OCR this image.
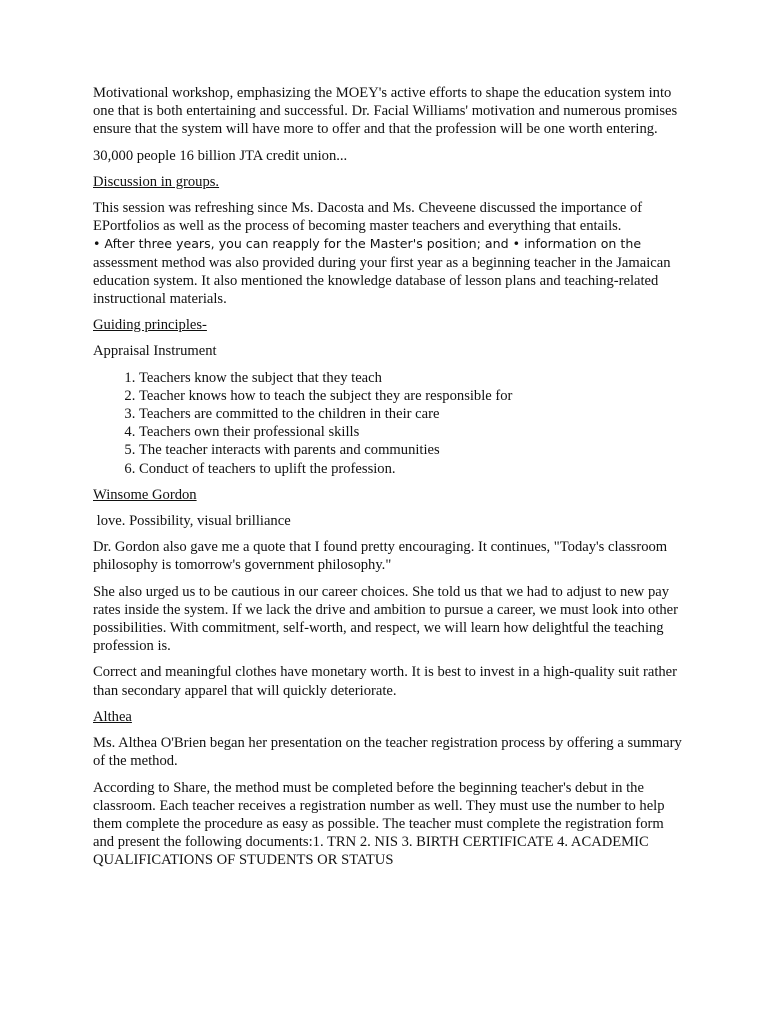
Motivational workshop, emphasizing the MOEY's active efforts to shape the education system into one that is both entertaining and successful. Dr. Facial Williams' motivation and numerous promises ensure that the system will have more to offer and that the profession will be one worth entering.

30,000 people 16 billion JTA credit union...

Discussion in groups.

This session was refreshing since Ms. Dacosta and Ms. Cheveene discussed the importance of EPortfolios as well as the process of becoming master teachers and everything that entails.
• After three years, you can reapply for the Master's position; and • information on the
assessment method was also provided during your first year as a beginning teacher in the Jamaican education system. It also mentioned the knowledge database of lesson plans and teaching-related instructional materials.

Guiding principles-

Appraisal Instrument

1. Teachers know the subject that they teach
2. Teacher knows how to teach the subject they are responsible for
3. Teachers are committed to the children in their care
4. Teachers own their professional skills
5. The teacher interacts with parents and communities
6. Conduct of teachers to uplift the profession.

Winsome Gordon

love. Possibility, visual brilliance

Dr. Gordon also gave me a quote that I found pretty encouraging. It continues, "Today's classroom philosophy is tomorrow's government philosophy."

She also urged us to be cautious in our career choices. She told us that we had to adjust to new pay rates inside the system. If we lack the drive and ambition to pursue a career, we must look into other possibilities. With commitment, self-worth, and respect, we will learn how delightful the teaching profession is.

Correct and meaningful clothes have monetary worth. It is best to invest in a high-quality suit rather than secondary apparel that will quickly deteriorate.

Althea

Ms. Althea O'Brien began her presentation on the teacher registration process by offering a summary of the method.

According to Share, the method must be completed before the beginning teacher's debut in the classroom. Each teacher receives a registration number as well. They must use the number to help them complete the procedure as easy as possible. The teacher must complete the registration form and present the following documents:1. TRN 2. NIS 3. BIRTH CERTIFICATE 4. ACADEMIC QUALIFICATIONS OF STUDENTS OR STATUS
